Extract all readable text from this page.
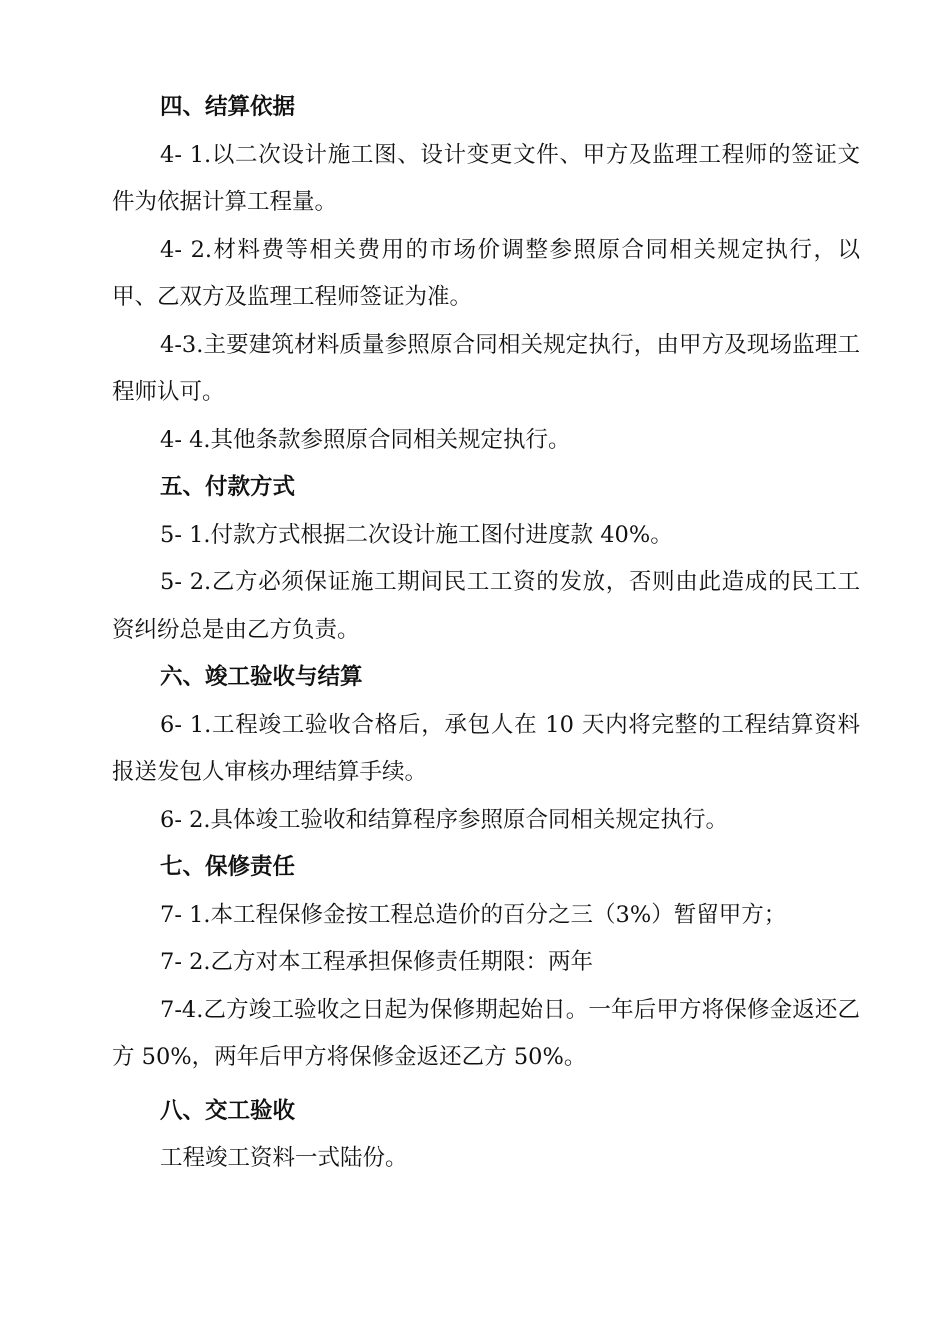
四、结算依据

4- 1.以二次设计施工图、设计变更文件、甲方及监理工程师的签证文件为依据计算工程量。

4- 2.材料费等相关费用的市场价调整参照原合同相关规定执行，以甲、乙双方及监理工程师签证为准。

4-3.主要建筑材料质量参照原合同相关规定执行，由甲方及现场监理工程师认可。

4- 4.其他条款参照原合同相关规定执行。

五、付款方式

5- 1.付款方式根据二次设计施工图付进度款 40%。

5- 2.乙方必须保证施工期间民工工资的发放，否则由此造成的民工工资纠纷总是由乙方负责。

六、竣工验收与结算

6- 1.工程竣工验收合格后，承包人在 10 天内将完整的工程结算资料报送发包人审核办理结算手续。

6- 2.具体竣工验收和结算程序参照原合同相关规定执行。

七、保修责任

7- 1.本工程保修金按工程总造价的百分之三（3%）暂留甲方；

7- 2.乙方对本工程承担保修责任期限：两年

7-4.乙方竣工验收之日起为保修期起始日。一年后甲方将保修金返还乙方 50%，两年后甲方将保修金返还乙方 50%。

八、交工验收

工程竣工资料一式陆份。
